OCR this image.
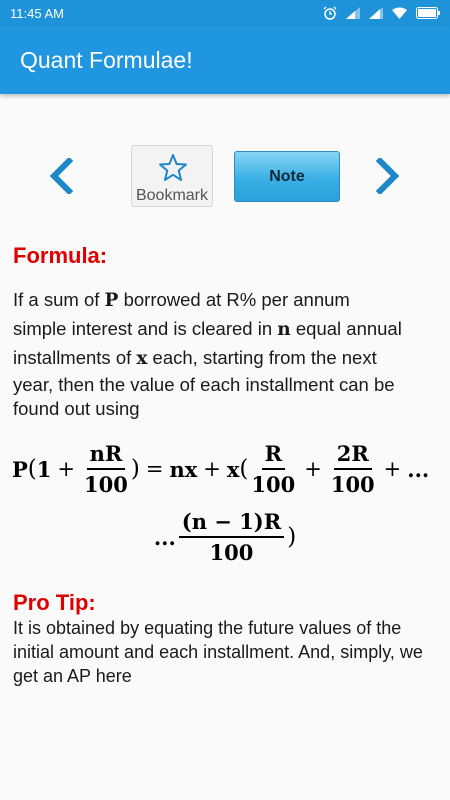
11:45 AM
Quant Formulae!
Bookmark
Note
Formula:
If a sum of P borrowed at R% per annum
simple interest and is cleared in n equal annual
installments of x each, starting from the next
year, then the value of each installment can be
found out using
P ( $1 + \frac{nR}{100}$ ) = nx + x ( $\frac{R}{100} + \frac{2R}{100}$ + ...
... $\frac{(n - 1)R}{100}$ )
Pro Tip:
It is obtained by equating the future values of the initial amount and each installment. And, simply, we get an AP here
